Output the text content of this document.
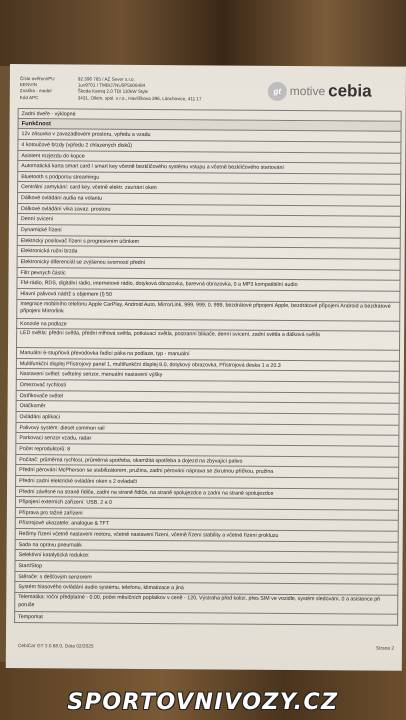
Číslo ověření/PU
KENVIN
Značka - model
Kód APC
92 396 765 / AZ Sever s.r.o.
1uv9701 / TMBIJ7NU5P5006484
Škoda Kamiq 2.0 TDI 110kW Style
3431, Olkim, spol. s r.o., Havlíčkova 396, Litochovice, 411 17
gt motive cebia
Zadní dveře - výklopné
Funkčnost
12v zásuvka v zavazadlovém prostoru, vpředu a vzadu
4 kotoučové brzdy (vpředu 2 chlazených disků)
Asistent rozjezdu do kopce
Automatická karta smart card / smart key včetně bezklíčového systému vstupu a včetně bezklíčového startování
Bluetooth s podporou streamingu
Centrální zamykání: card key, včetně elektr. zavírání oken
Dálkové ovládání audia na volantu
Dálkové ovládání víka zavaz. prostoru
Denní svícení
Dynamické řízení
Elektrický posilovač řízení s progresivním účinkem
Elektronická ruční brzda
Elektronický diferenciál se zvýšenou svorností přední
Filtr pevných částic
FM-rádio, RDS, digitální rádio, internetové rádio, dotyková obrazovka, barevná obrazovka, 0 a MP3 kompatibilní audio
Hlavní palivová nádrž s objemem (l) 50
Integrace mobilního telefonu Apple CarPlay, Android Auto, MirrorLink, 999, 999, 0, 999, bezdrátové připojení Apple, bezdrátové připojení Android a bezdrátové připojení Mirrorlink
Konzole na podlaze
LED světla: přední světla, přední mlhová světla, potkávací světla, postranní blikače, denní svícení, zadní světla a dálková světla
Manuální 6-stupňová převodovka řadicí páka na podlaze, typ - manuální
Multifunkční displej Přístrojový panel 1, multifunkční displej 8.0, dotykový obrazovka, Přístrojová deska 1 a 20.3
Nastavení světel: světelný senzor, manuální nastavení výšky
Omezovač rychlosti
Ostřikovače světel
Otáčkoměr
Ovládání aplikací
Palivový systém: diesel common rail
Parkovací senzor vzadu, radar
Počet reproduktorů: 8
Počítač: průměrná rychlost, průměrná spotřeba, okamžitá spotřeba a dojezd na zbývající palivo
Přední pérování McPherson se stabilizátorem, pružina, zadní pérování náprava se zkrutnou příčkou, pružina
Přední zadní elektrické ovládání oken s 2 ovladači
Přední závěsné na straně řidiče, zadní na straně řidiče, na straně spolujezdce a zadní na straně spolujezdce
Připojení externích zařízení: USB, 2 a 0
Příprava pro tažné zařízení
Přístrojové ukazatele: analogue & TFT
Režimy řízení včetně nastavení motoru, včetně nastavení řízení, včetně řízení stability a včetně řízení prokluzu
Sada na opravu pneumatik
Selektivní katalytická redukce:
Start/Stop
Stěrače: s dešťovým senzorem
Systém hlasového ovládání audio systému, telefonu, klimatizace a jiná
Telematika: roční předplatné - 0.00, počet měsíčních poplatkov v ceně - 120, Výstraha před kolizí, přes SIM ve vozidle, systém sledování, 0 a asistence při poruše
Tempomat
CebiCar GT 3.0.68.0, Data 02/2025	Strana 2
SPORTOVNIVOZY.CZ
